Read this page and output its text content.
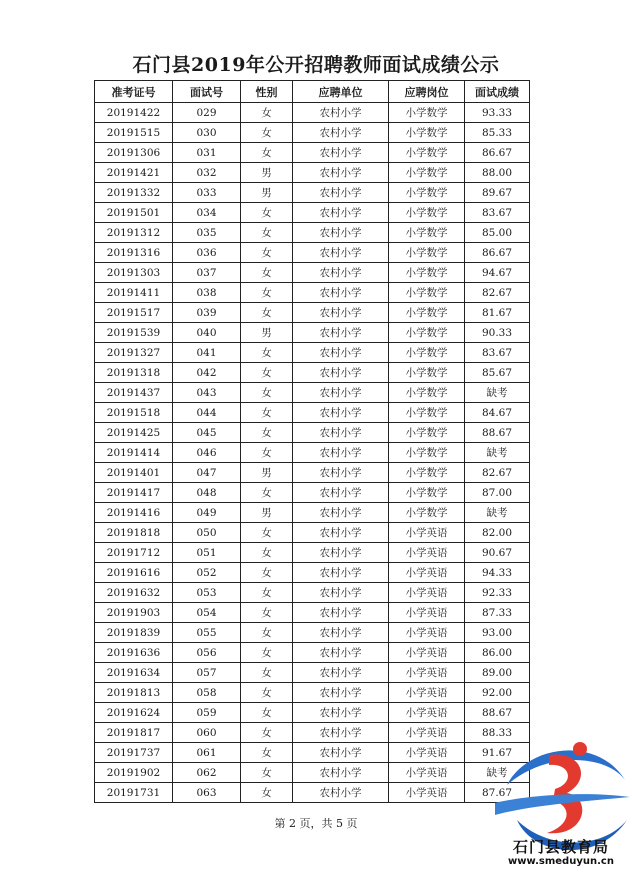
石门县2019年公开招聘教师面试成绩公示
准考证号	面试号	性别	应聘单位	应聘岗位	面试成绩
20191422	029	女	农村小学	小学数学	93.33
20191515	030	女	农村小学	小学数学	85.33
20191306	031	女	农村小学	小学数学	86.67
20191421	032	男	农村小学	小学数学	88.00
20191332	033	男	农村小学	小学数学	89.67
20191501	034	女	农村小学	小学数学	83.67
20191312	035	女	农村小学	小学数学	85.00
20191316	036	女	农村小学	小学数学	86.67
20191303	037	女	农村小学	小学数学	94.67
20191411	038	女	农村小学	小学数学	82.67
20191517	039	女	农村小学	小学数学	81.67
20191539	040	男	农村小学	小学数学	90.33
20191327	041	女	农村小学	小学数学	83.67
20191318	042	女	农村小学	小学数学	85.67
20191437	043	女	农村小学	小学数学	缺考
20191518	044	女	农村小学	小学数学	84.67
20191425	045	女	农村小学	小学数学	88.67
20191414	046	女	农村小学	小学数学	缺考
20191401	047	男	农村小学	小学数学	82.67
20191417	048	女	农村小学	小学数学	87.00
20191416	049	男	农村小学	小学数学	缺考
20191818	050	女	农村小学	小学英语	82.00
20191712	051	女	农村小学	小学英语	90.67
20191616	052	女	农村小学	小学英语	94.33
20191632	053	女	农村小学	小学英语	92.33
20191903	054	女	农村小学	小学英语	87.33
20191839	055	女	农村小学	小学英语	93.00
20191636	056	女	农村小学	小学英语	86.00
20191634	057	女	农村小学	小学英语	89.00
20191813	058	女	农村小学	小学英语	92.00
20191624	059	女	农村小学	小学英语	88.67
20191817	060	女	农村小学	小学英语	88.33
20191737	061	女	农村小学	小学英语	91.67
20191902	062	女	农村小学	小学英语	缺考
20191731	063	女	农村小学	小学英语	87.67
第 2 页，共 5 页
石门县教育局
www.smeduyun.cn
